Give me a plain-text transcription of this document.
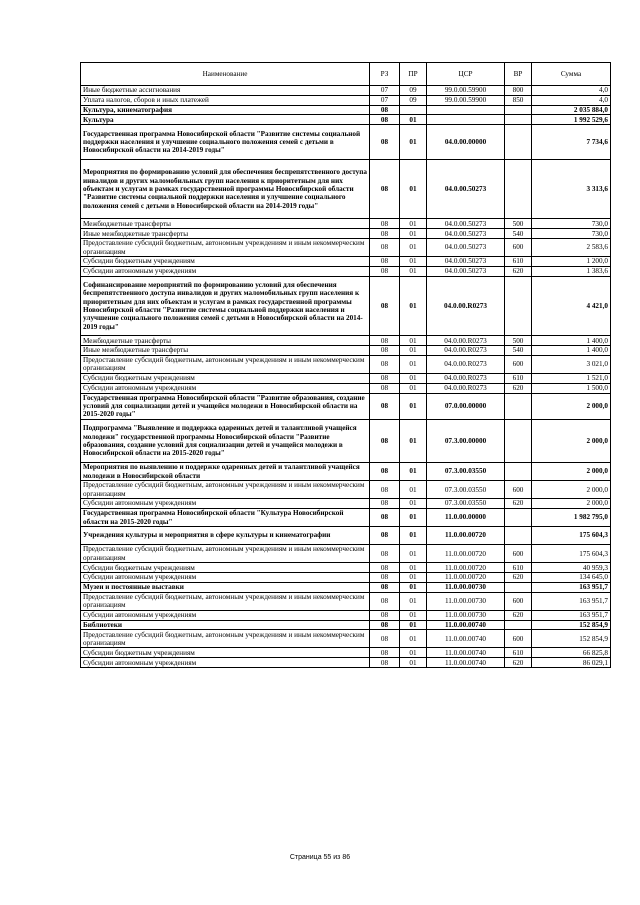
Наименование	РЗ	ПР	ЦСР	ВР	Сумма
Иные бюджетные ассигнования	07	09	99.0.00.59900	800	4,0
Уплата налогов, сборов и иных платежей	07	09	99.0.00.59900	850	4,0
Культура, кинематография	08				2 035 884,0
Культура	08	01			1 992 529,6
Государственная программа Новосибирской области "Развитие системы социальной поддержки населения и улучшение социального положения семей с детьми в Новосибирской области на 2014-2019 годы"	08	01	04.0.00.00000		7 734,6
Мероприятия по формированию условий для обеспечения беспрепятственного доступа инвалидов и других маломобильных групп населения к приоритетным для них объектам и услугам в рамках государственной программы Новосибирской области "Развитие системы социальной поддержки населения и улучшение социального положения семей с детьми в Новосибирской области на 2014-2019 годы"	08	01	04.0.00.50273		3 313,6
Межбюджетные трансферты	08	01	04.0.00.50273	500	730,0
Иные межбюджетные трансферты	08	01	04.0.00.50273	540	730,0
Предоставление субсидий бюджетным, автономным учреждениям и иным некоммерческим организациям	08	01	04.0.00.50273	600	2 583,6
Субсидии бюджетным учреждениям	08	01	04.0.00.50273	610	1 200,0
Субсидии автономным учреждениям	08	01	04.0.00.50273	620	1 383,6
Софинансирование мероприятий по формированию условий для обеспечения беспрепятственного доступа инвалидов и других маломобильных групп населения к приоритетным для них объектам и услугам в рамках государственной программы Новосибирской области "Развитие системы социальной поддержки населения и улучшение социального положения семей с детьми в Новосибирской области на 2014-2019 годы"	08	01	04.0.00.R0273		4 421,0
Межбюджетные трансферты	08	01	04.0.00.R0273	500	1 400,0
Иные межбюджетные трансферты	08	01	04.0.00.R0273	540	1 400,0
Предоставление субсидий бюджетным, автономным учреждениям и иным некоммерческим организациям	08	01	04.0.00.R0273	600	3 021,0
Субсидии бюджетным учреждениям	08	01	04.0.00.R0273	610	1 521,0
Субсидии автономным учреждениям	08	01	04.0.00.R0273	620	1 500,0
Государственная программа Новосибирской области "Развитие образования, создание условий для социализации детей и учащейся молодежи в Новосибирской области на 2015-2020 годы"	08	01	07.0.00.00000		2 000,0
Подпрограмма "Выявление и поддержка одаренных детей и талантливой учащейся молодежи" государственной программы Новосибирской области "Развитие образования, создание условий для социализации детей и учащейся молодежи в Новосибирской области на 2015-2020 годы"	08	01	07.3.00.00000		2 000,0
Мероприятия по выявлению и поддержке одаренных детей и талантливой учащейся молодежи в Новосибирской области	08	01	07.3.00.03550		2 000,0
Предоставление субсидий бюджетным, автономным учреждениям и иным некоммерческим организациям	08	01	07.3.00.03550	600	2 000,0
Субсидии автономным учреждениям	08	01	07.3.00.03550	620	2 000,0
Государственная программа Новосибирской области "Культура Новосибирской области на 2015-2020 годы"	08	01	11.0.00.00000		1 982 795,0
Учреждения культуры и мероприятия в сфере культуры и кинематографии	08	01	11.0.00.00720		175 604,3
Предоставление субсидий бюджетным, автономным учреждениям и иным некоммерческим организациям	08	01	11.0.00.00720	600	175 604,3
Субсидии бюджетным учреждениям	08	01	11.0.00.00720	610	40 959,3
Субсидии автономным учреждениям	08	01	11.0.00.00720	620	134 645,0
Музеи и постоянные выставки	08	01	11.0.00.00730		163 951,7
Предоставление субсидий бюджетным, автономным учреждениям и иным некоммерческим организациям	08	01	11.0.00.00730	600	163 951,7
Субсидии автономным учреждениям	08	01	11.0.00.00730	620	163 951,7
Библиотеки	08	01	11.0.00.00740		152 854,9
Предоставление субсидий бюджетным, автономным учреждениям и иным некоммерческим организациям	08	01	11.0.00.00740	600	152 854,9
Субсидии бюджетным учреждениям	08	01	11.0.00.00740	610	66 825,8
Субсидии автономным учреждениям	08	01	11.0.00.00740	620	86 029,1
Страница 55 из 86
